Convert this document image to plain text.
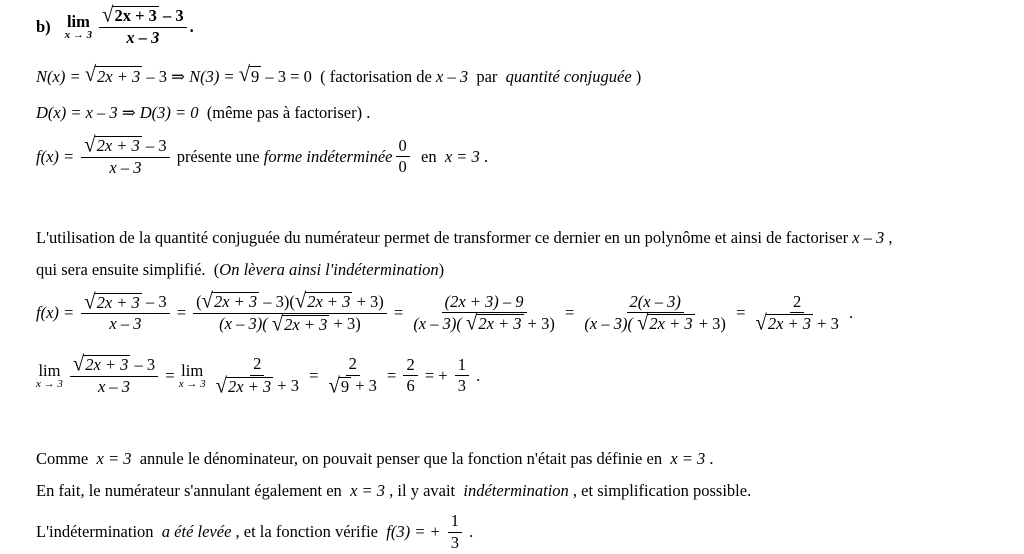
b) lim
$x \to 3 \frac{√ 2x + 3 - 3}{x - 3}$ .
N(x) = √ 2x + 3 – 3 ⇒ N(3) = √ 9 – 3 = 0 ( factorisation de x – 3 par quantité conjuguée )
D(x) = x – 3 ⇒ D(3) = 0 (même pas à factoriser) .
$f(x) = \frac{√ 2x + 3 - 3}{x - 3}$ présente une forme indéterminée $\frac{0}{0}$ en x = 3 .
L'utilisation de la quantité conjuguée du numérateur permet de transformer ce dernier en un polynôme et ainsi de factoriser x – 3 ,
qui sera ensuite simplifié.  (On lèvera ainsi l'indétermination)
$f(x) = \frac{√ 2x + 3 - 3}{x - 3} = \frac{( √ 2x + 3 - 3)( √ 2x + 3 + 3)}{(x - 3)( √ 2x + 3 + 3)} = \frac{(2x + 3) - 9}{(x - 3)( √ 2x + 3 + 3)} = \frac{2(x - 3)}{(x - 3)( √ 2x + 3 + 3)} = \frac{2}{√ 2x + 3 + 3}$ .
lim
$x \to 3 \frac{√ 2x + 3 - 3}{x - 3} = \lim$
$x \to 3 \frac{2}{√ 2x + 3 + 3} = \frac{2}{√ 9 + 3} = \frac{2}{6}$ = + $\frac{1}{3}$ .
Comme  x = 3  annule le dénominateur, on pouvait penser que la fonction n'était pas définie en  x = 3 .
En fait, le numérateur s'annulant également en  x = 3 , il y avait  indétermination , et simplification possible.
L'indétermination a été levée , et la fonction vérifie f(3) = + $\frac{1}{3}$ .
